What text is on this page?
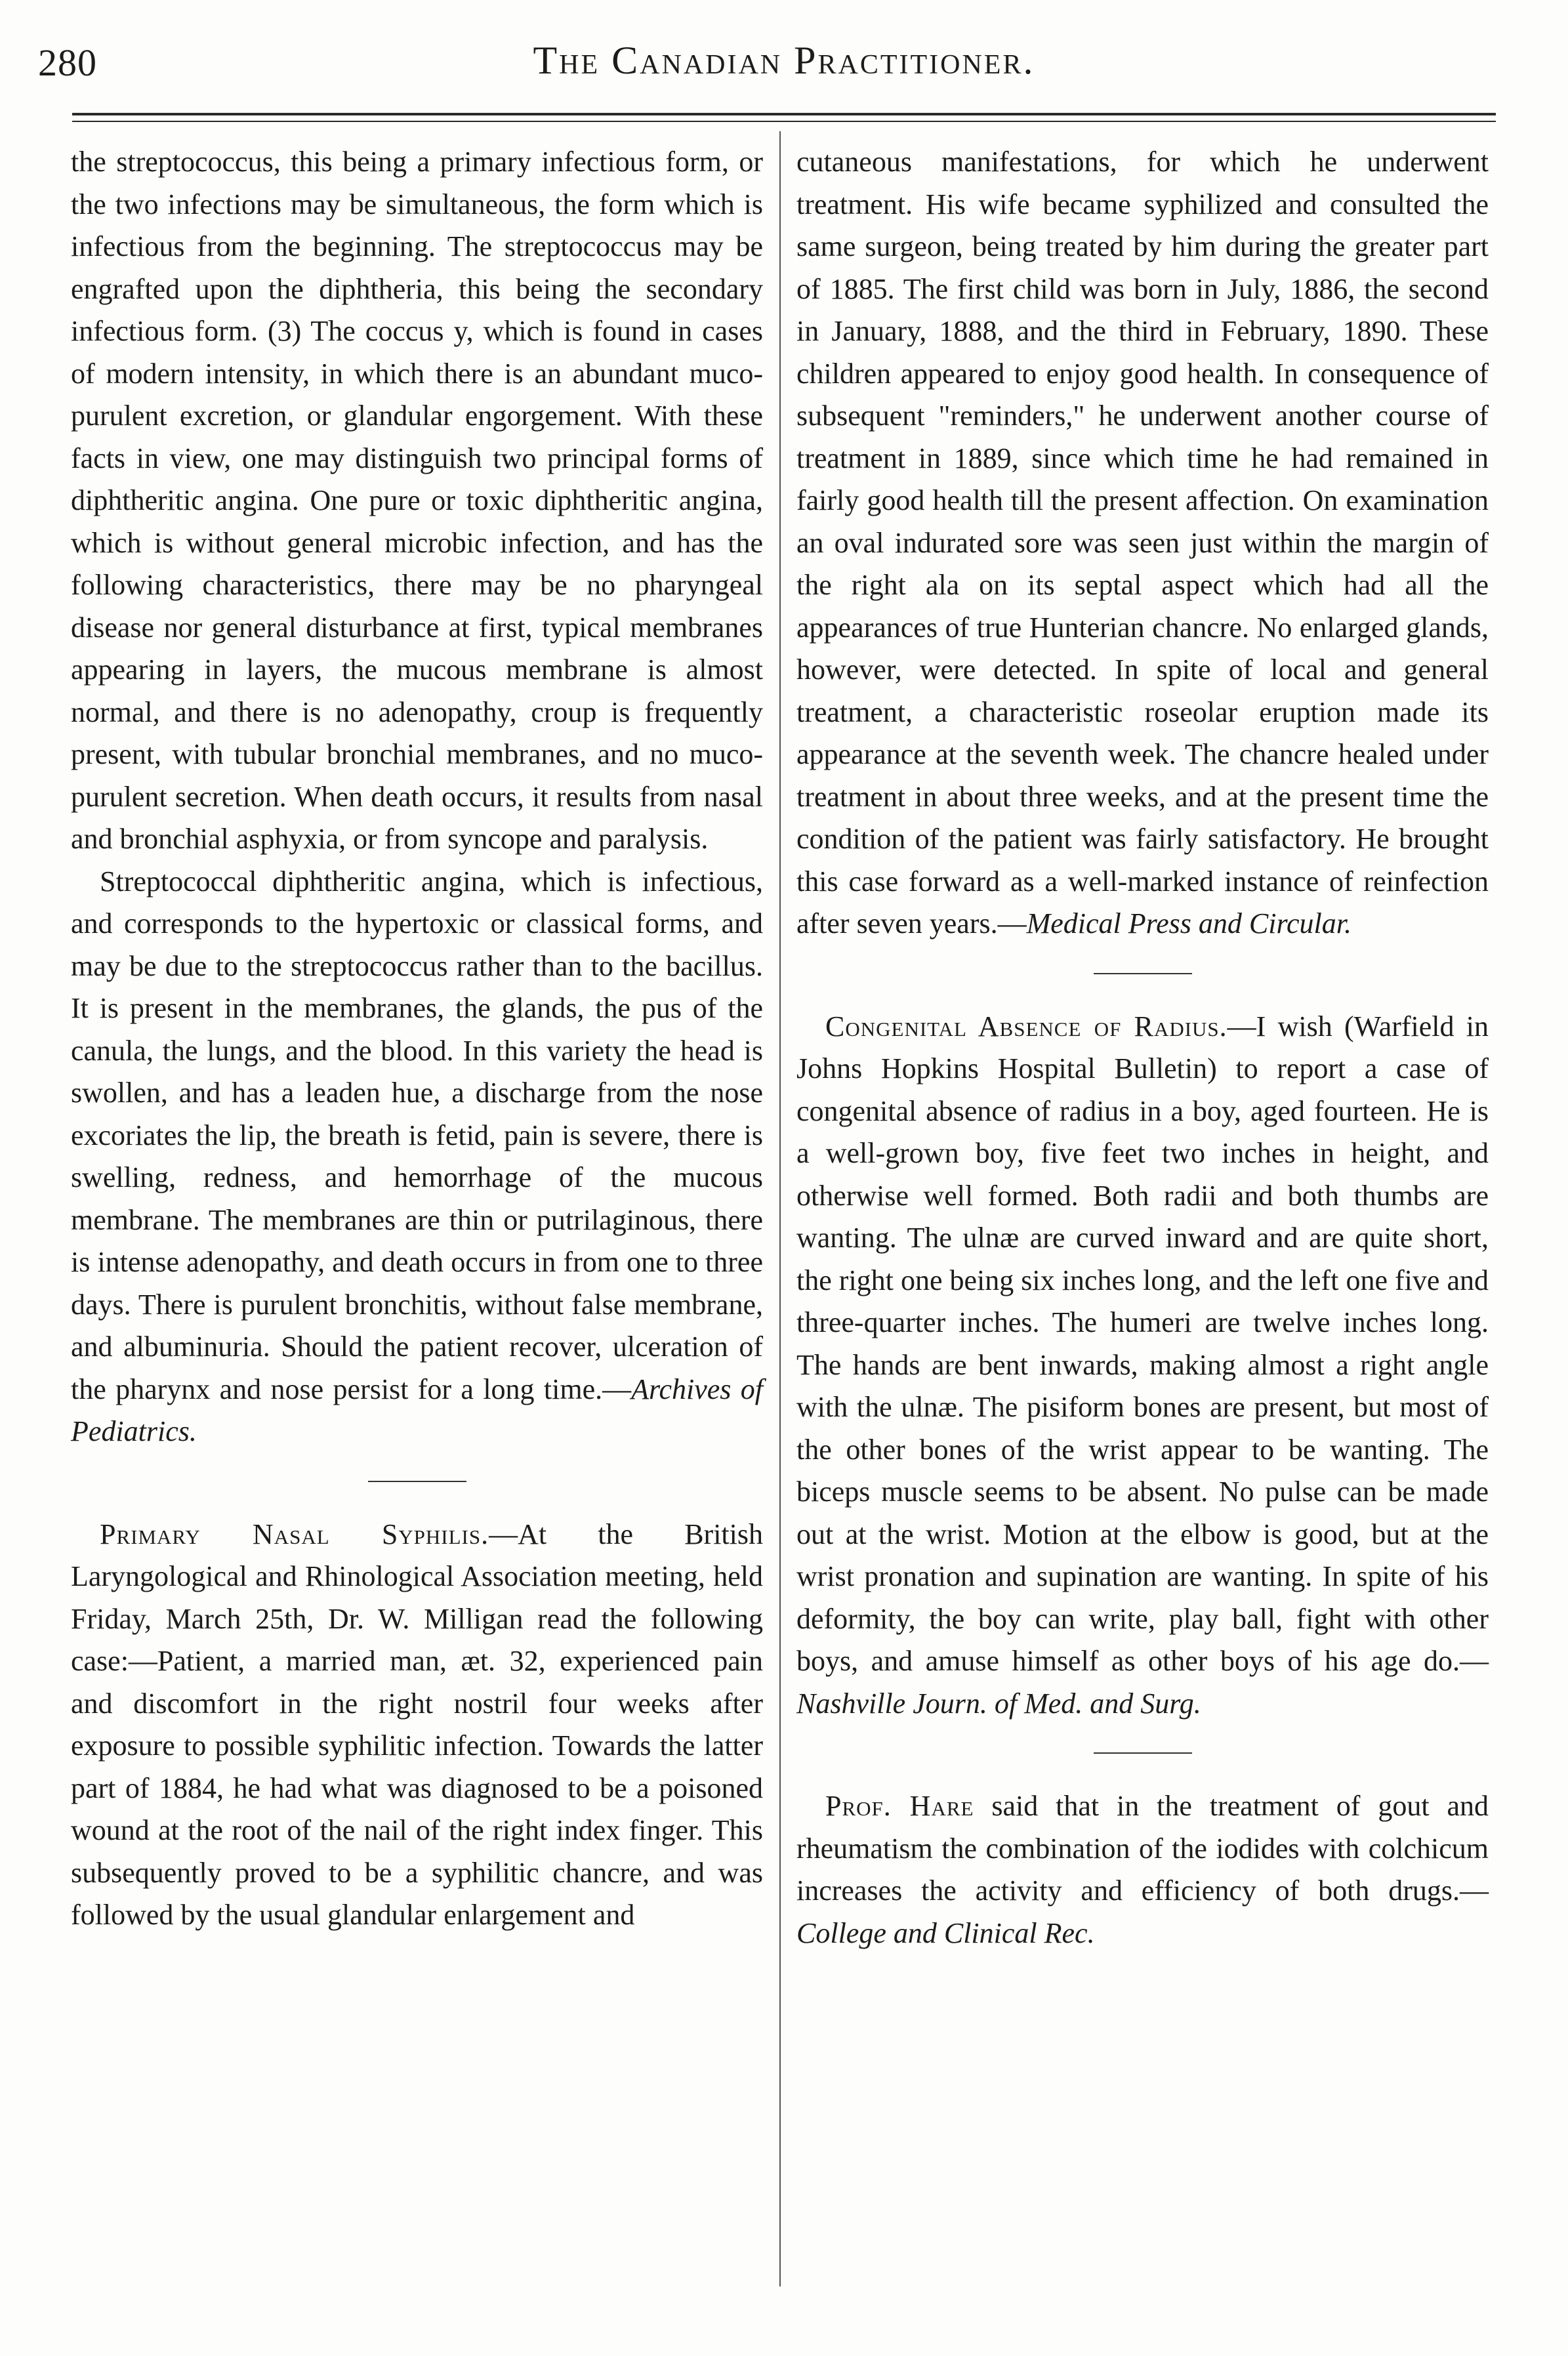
280	The Canadian Practitioner.

the streptococcus, this being a primary infectious form, or the two infections may be simultaneous, the form which is infectious from the beginning. The streptococcus may be engrafted upon the diphtheria, this being the secondary infectious form. (3) The coccus y, which is found in cases of modern intensity, in which there is an abundant muco-purulent excretion, or glandular engorgement. With these facts in view, one may distinguish two principal forms of diphtheritic angina. One pure or toxic diphtheritic angina, which is without general microbic infection, and has the following characteristics, there may be no pharyngeal disease nor general disturbance at first, typical membranes appearing in layers, the mucous membrane is almost normal, and there is no adenopathy, croup is frequently present, with tubular bronchial membranes, and no muco-purulent secretion. When death occurs, it results from nasal and bronchial asphyxia, or from syncope and paralysis.

Streptococcal diphtheritic angina, which is infectious, and corresponds to the hypertoxic or classical forms, and may be due to the streptococcus rather than to the bacillus. It is present in the membranes, the glands, the pus of the canula, the lungs, and the blood. In this variety the head is swollen, and has a leaden hue, a discharge from the nose excoriates the lip, the breath is fetid, pain is severe, there is swelling, redness, and hemorrhage of the mucous membrane. The membranes are thin or putrilaginous, there is intense adenopathy, and death occurs in from one to three days. There is purulent bronchitis, without false membrane, and albuminuria. Should the patient recover, ulceration of the pharynx and nose persist for a long time.—Archives of Pediatrics.

Primary Nasal Syphilis.—At the British Laryngological and Rhinological Association meeting, held Friday, March 25th, Dr. W. Milligan read the following case:—Patient, a married man, æt. 32, experienced pain and discomfort in the right nostril four weeks after exposure to possible syphilitic infection. Towards the latter part of 1884, he had what was diagnosed to be a poisoned wound at the root of the nail of the right index finger. This subsequently proved to be a syphilitic chancre, and was followed by the usual glandular enlargement and

cutaneous manifestations, for which he underwent treatment. His wife became syphilized and consulted the same surgeon, being treated by him during the greater part of 1885. The first child was born in July, 1886, the second in January, 1888, and the third in February, 1890. These children appeared to enjoy good health. In consequence of subsequent "reminders," he underwent another course of treatment in 1889, since which time he had remained in fairly good health till the present affection. On examination an oval indurated sore was seen just within the margin of the right ala on its septal aspect which had all the appearances of true Hunterian chancre. No enlarged glands, however, were detected. In spite of local and general treatment, a characteristic roseolar eruption made its appearance at the seventh week. The chancre healed under treatment in about three weeks, and at the present time the condition of the patient was fairly satisfactory. He brought this case forward as a well-marked instance of reinfection after seven years.—Medical Press and Circular.

Congenital Absence of Radius.—I wish (Warfield in Johns Hopkins Hospital Bulletin) to report a case of congenital absence of radius in a boy, aged fourteen. He is a well-grown boy, five feet two inches in height, and otherwise well formed. Both radii and both thumbs are wanting. The ulnæ are curved inward and are quite short, the right one being six inches long, and the left one five and three-quarter inches. The humeri are twelve inches long. The hands are bent inwards, making almost a right angle with the ulnæ. The pisiform bones are present, but most of the other bones of the wrist appear to be wanting. The biceps muscle seems to be absent. No pulse can be made out at the wrist. Motion at the elbow is good, but at the wrist pronation and supination are wanting. In spite of his deformity, the boy can write, play ball, fight with other boys, and amuse himself as other boys of his age do.—Nashville Journ. of Med. and Surg.

Prof. Hare said that in the treatment of gout and rheumatism the combination of the iodides with colchicum increases the activity and efficiency of both drugs.—College and Clinical Rec.
